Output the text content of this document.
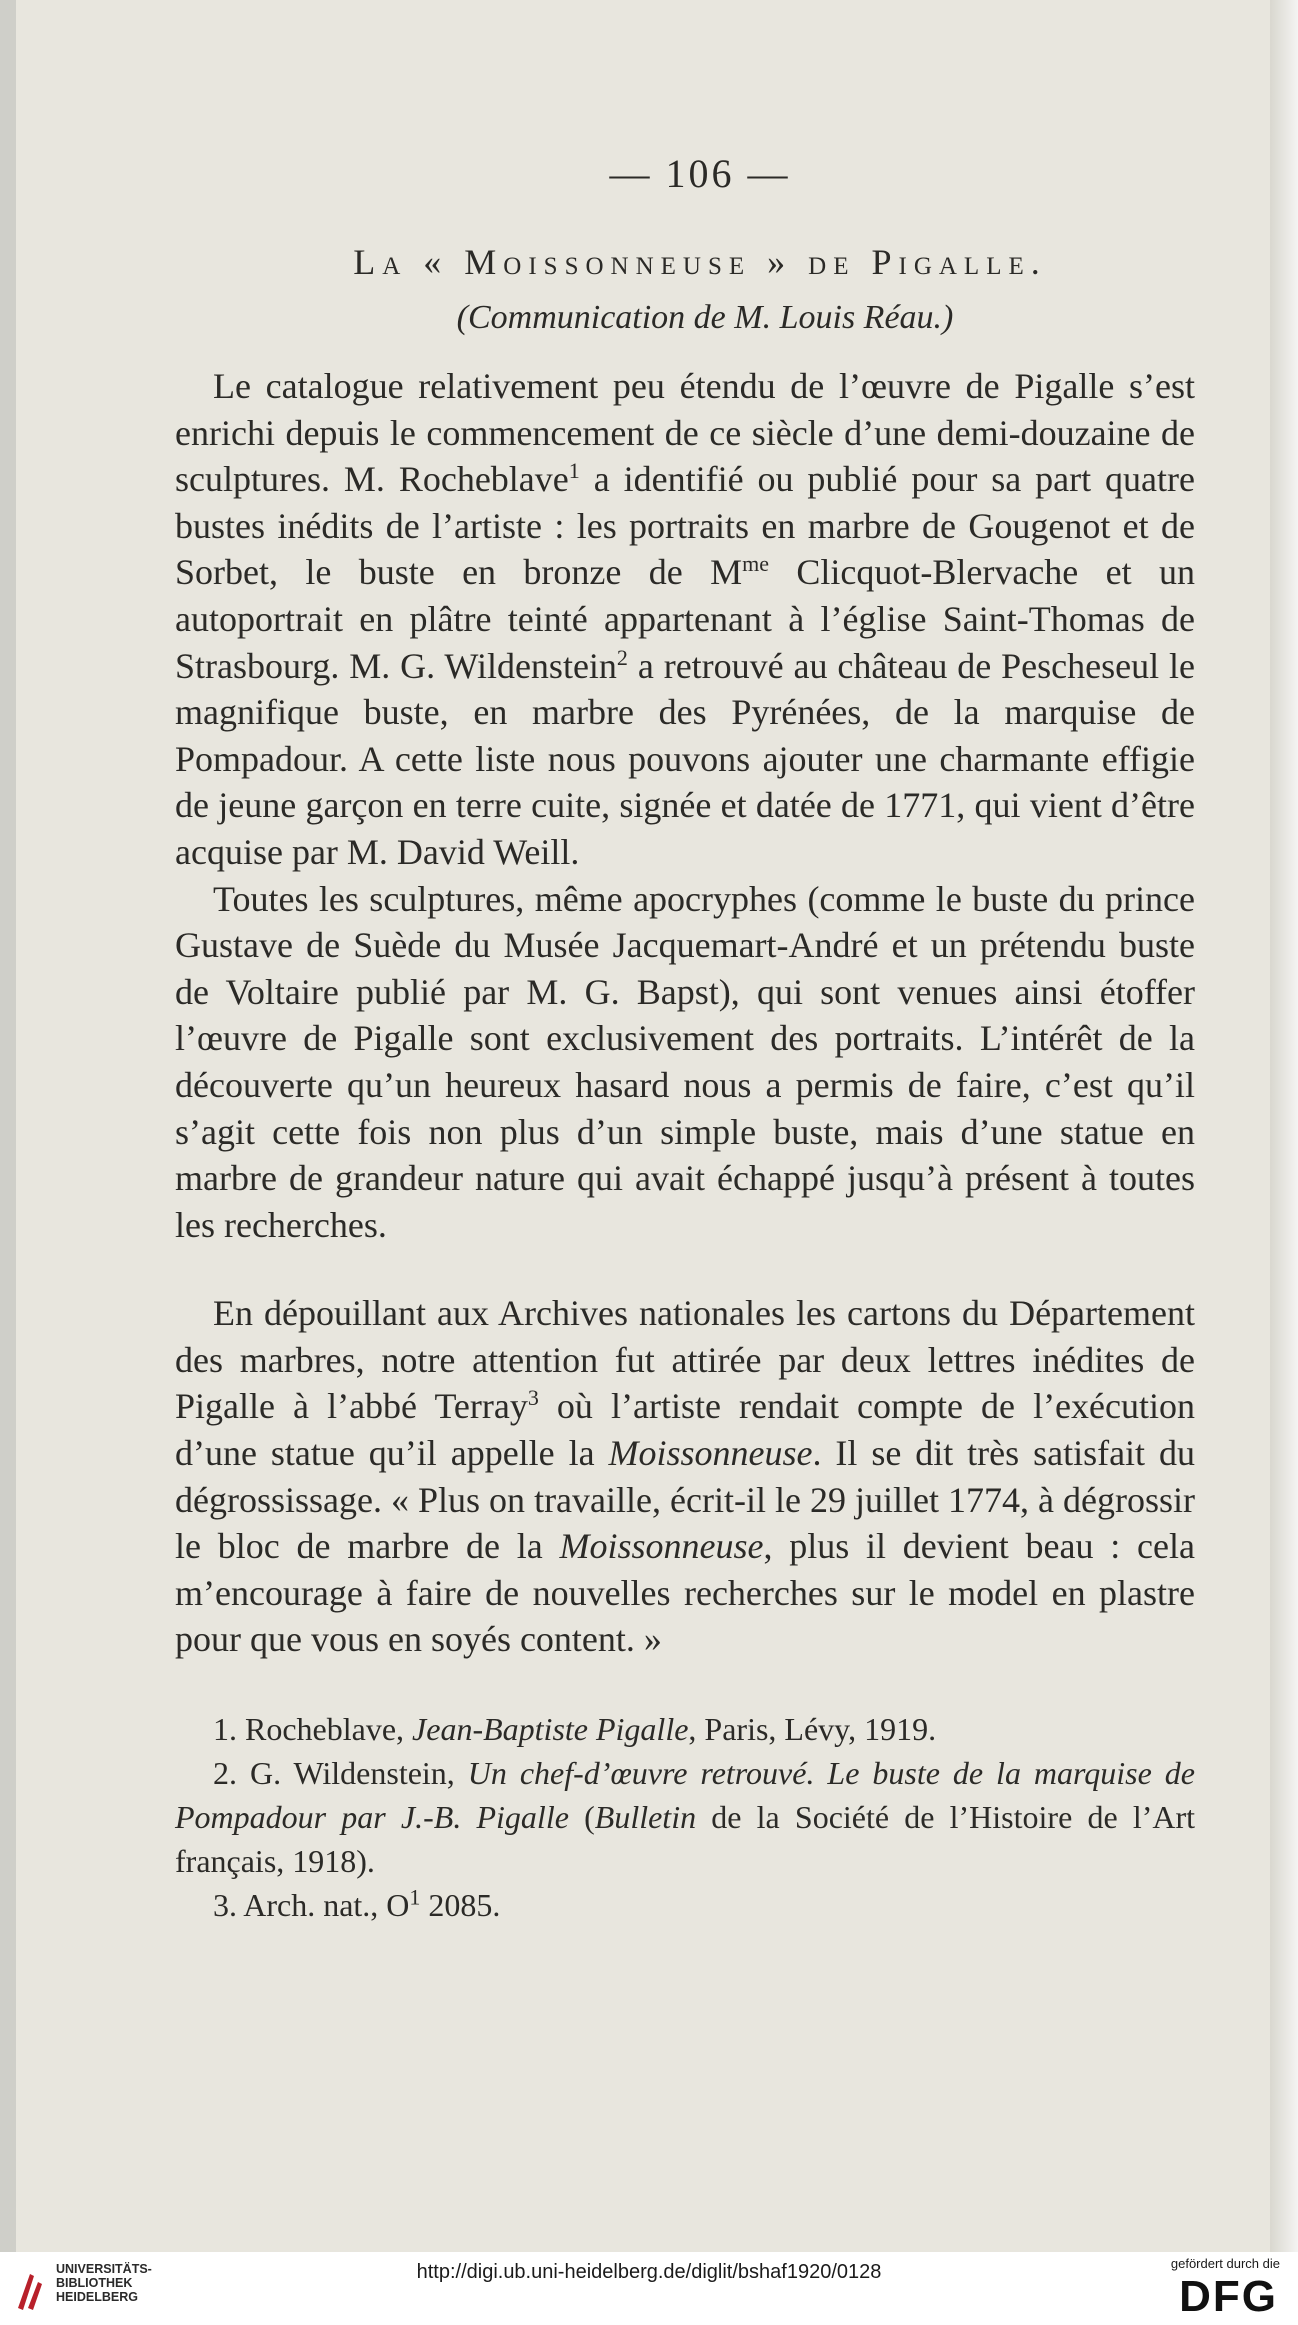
— 106 —

La « Moissonneuse » de Pigalle.

(Communication de M. Louis Réau.)

Le catalogue relativement peu étendu de l’œuvre de Pigalle s’est enrichi depuis le commencement de ce siècle d’une demi-douzaine de sculptures. M. Rocheblave$^1$ a identifié ou publié pour sa part quatre bustes inédits de l’artiste : les portraits en marbre de Gougenot et de Sorbet, le buste en bronze de $M^{me}$ Clicquot-Blervache et un autoportrait en plâtre teinté appartenant à l’église Saint-Thomas de Strasbourg. M. G. Wildenstein$^2$ a retrouvé au château de Pescheseul le magnifique buste, en marbre des Pyrénées, de la marquise de Pompadour. A cette liste nous pouvons ajouter une charmante effigie de jeune garçon en terre cuite, signée et datée de 1771, qui vient d’être acquise par M. David Weill.

Toutes les sculptures, même apocryphes (comme le buste du prince Gustave de Suède du Musée Jacquemart-André et un prétendu buste de Voltaire publié par M. G. Bapst), qui sont venues ainsi étoffer l’œuvre de Pigalle sont exclusivement des portraits. L’intérêt de la découverte qu’un heureux hasard nous a permis de faire, c’est qu’il s’agit cette fois non plus d’un simple buste, mais d’une statue en marbre de grandeur nature qui avait échappé jusqu’à présent à toutes les recherches.

En dépouillant aux Archives nationales les cartons du Département des marbres, notre attention fut attirée par deux lettres inédites de Pigalle à l’abbé Terray$^3$ où l’artiste rendait compte de l’exécution d’une statue qu’il appelle la Moissonneuse. Il se dit très satisfait du dégrossissage. « Plus on travaille, écrit-il le 29 juillet 1774, à dégrossir le bloc de marbre de la Moissonneuse, plus il devient beau : cela m’encourage à faire de nouvelles recherches sur le model en plastre pour que vous en soyés content. »

1. Rocheblave, Jean-Baptiste Pigalle, Paris, Lévy, 1919.

2. G. Wildenstein, Un chef-d’œuvre retrouvé. Le buste de la marquise de Pompadour par J.-B. Pigalle (Bulletin de la Société de l’Histoire de l’Art français, 1918).

3. Arch. nat., $O^1$ 2085.

UNIVERSITÄTS-
BIBLIOTHEK
HEIDELBERG
http://digi.ub.uni-heidelberg.de/diglit/bshaf1920/0128	gefördert durch die
DFG
